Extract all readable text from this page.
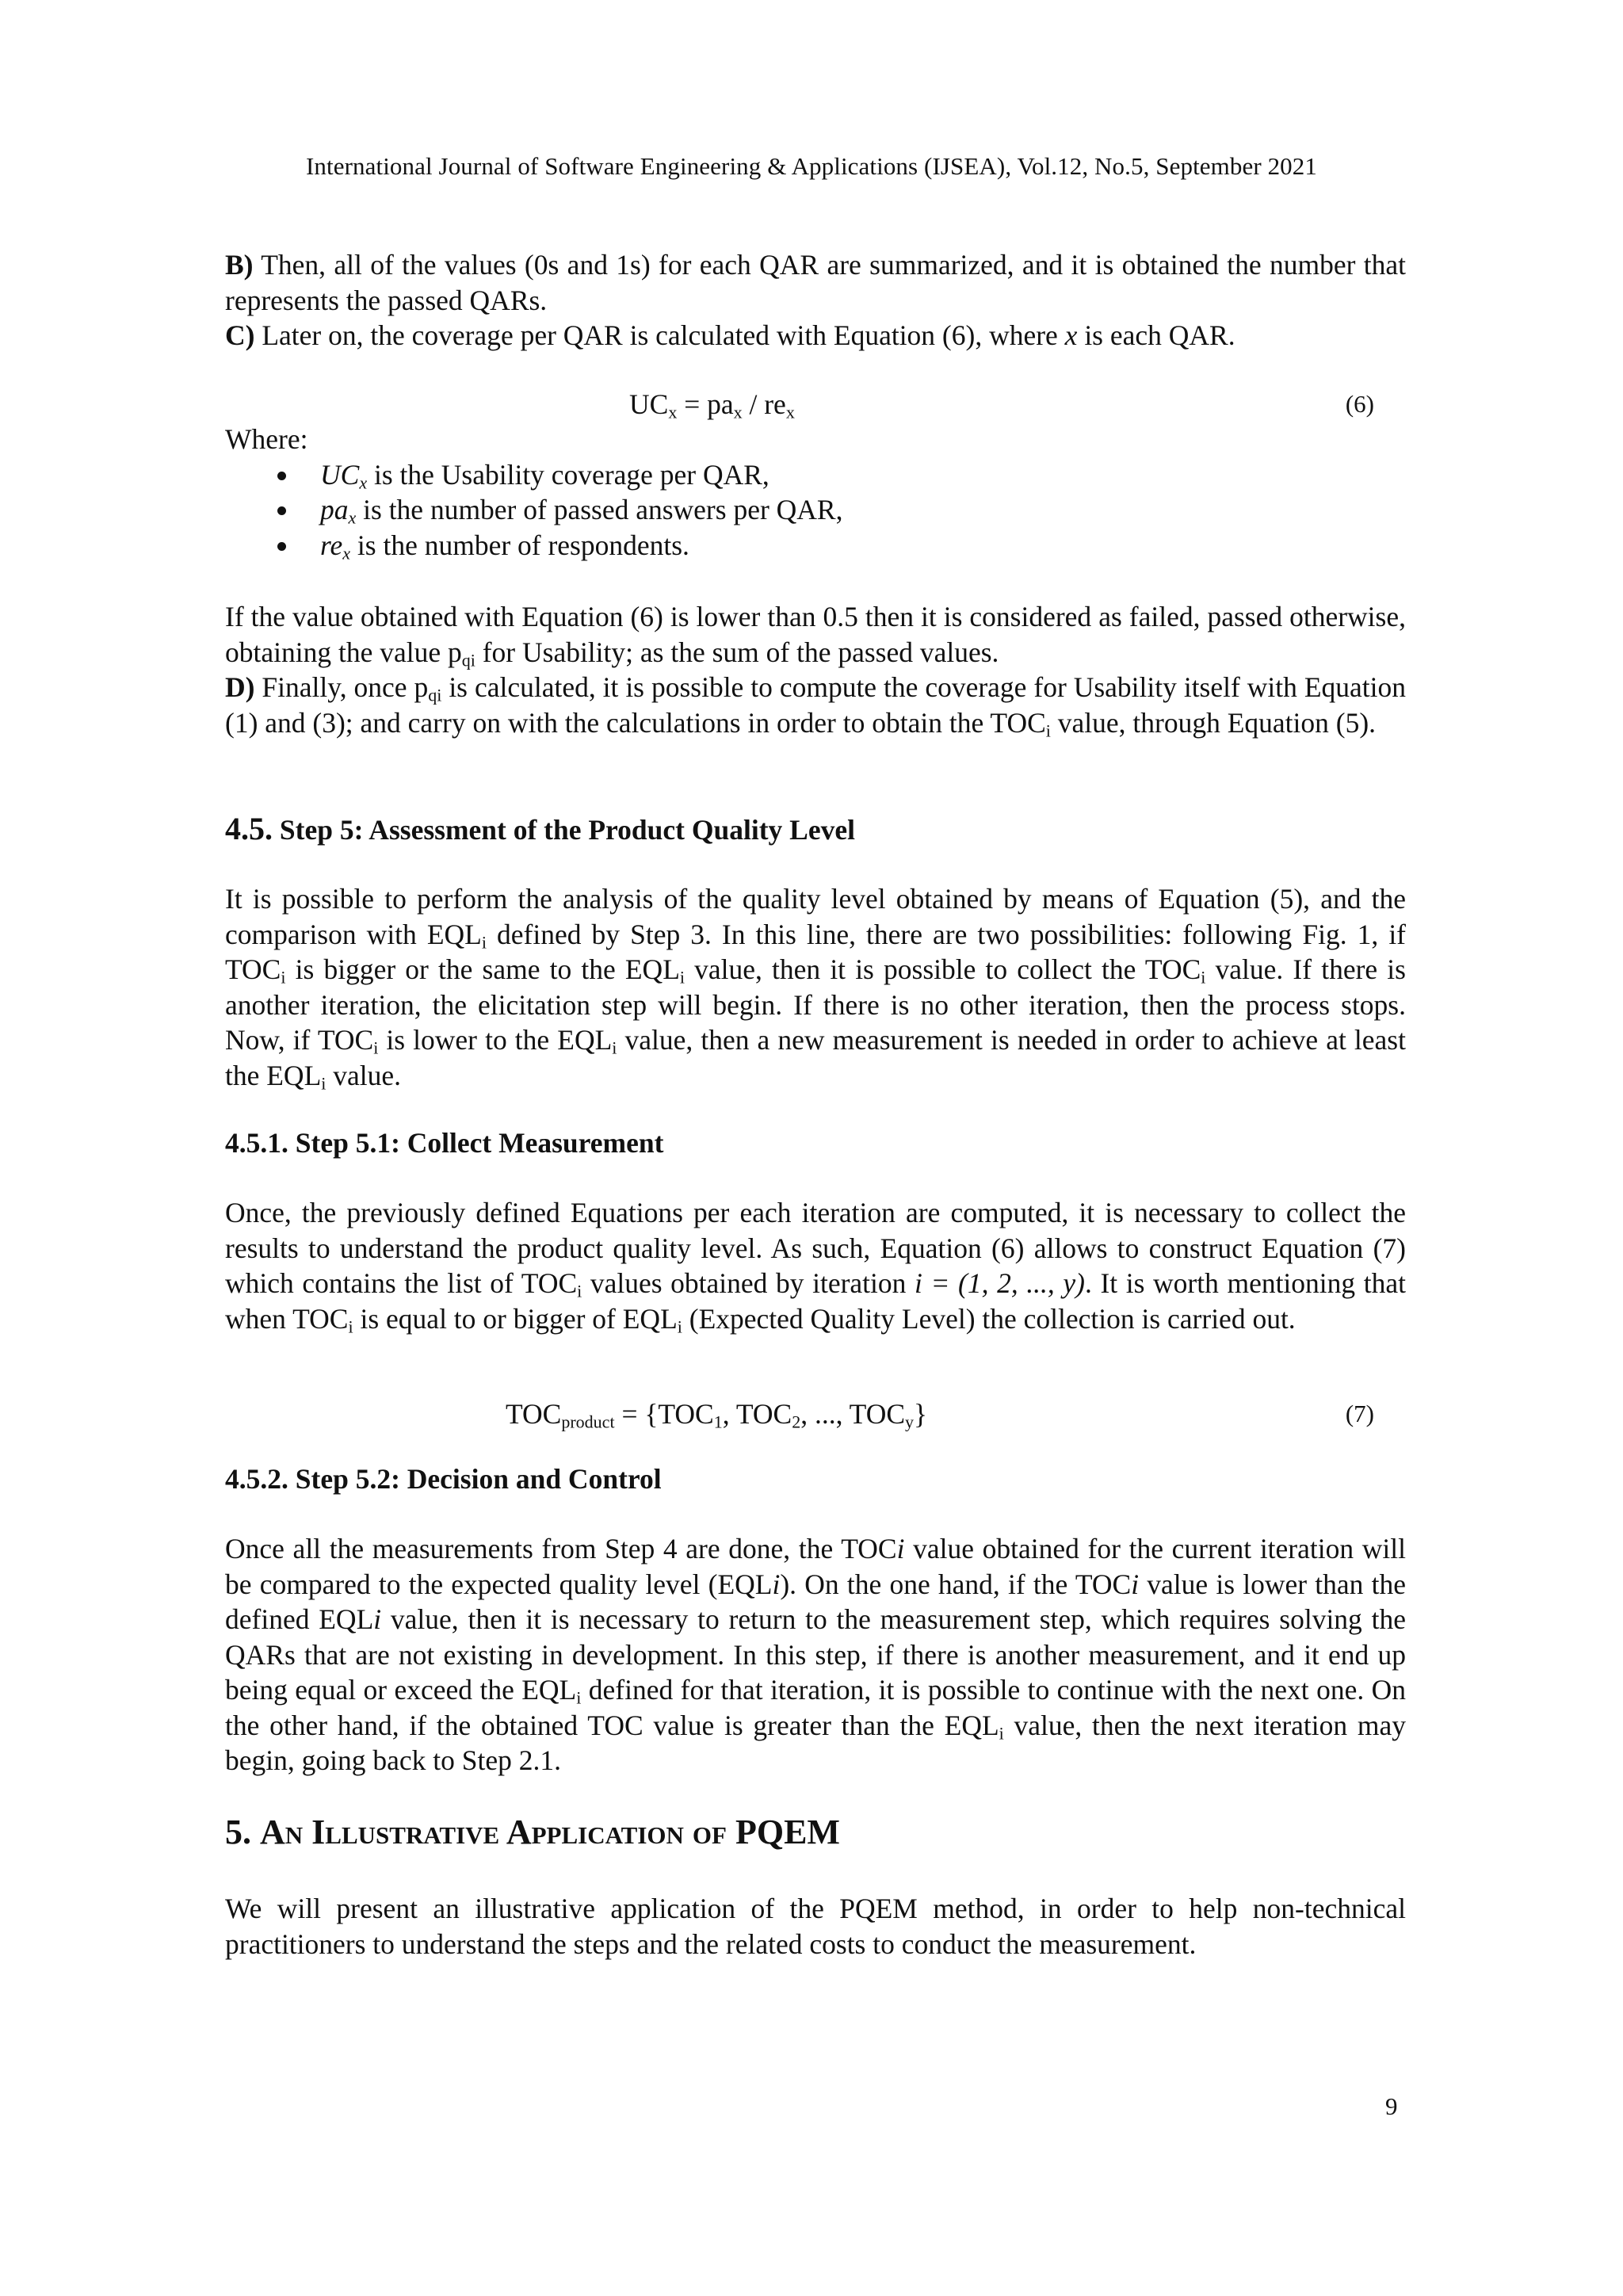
International Journal of Software Engineering & Applications (IJSEA), Vol.12, No.5, September 2021

B) Then, all of the values (0s and 1s) for each QAR are summarized, and it is obtained the number that represents the passed QARs.

C) Later on, the coverage per QAR is calculated with Equation (6), where x is each QAR.

$UC_x = pa_x / re_x$	(6)

Where:

$UC_x$ is the Usability coverage per QAR,
$pa_x$ is the number of passed answers per QAR,
$re_x$ is the number of respondents.

If the value obtained with Equation (6) is lower than 0.5 then it is considered as failed, passed otherwise, obtaining the value $p_{qi}$ for Usability; as the sum of the passed values.

D) Finally, once $p_{qi}$ is calculated, it is possible to compute the coverage for Usability itself with Equation (1) and (3); and carry on with the calculations in order to obtain the $TOC_i$ value, through Equation (5).

4.5. Step 5: Assessment of the Product Quality Level

It is possible to perform the analysis of the quality level obtained by means of Equation (5), and the comparison with $EQL_i$ defined by Step 3. In this line, there are two possibilities: following Fig. 1, if $TOC_i$ is bigger or the same to the $EQL_i$ value, then it is possible to collect the $TOC_i$ value. If there is another iteration, the elicitation step will begin. If there is no other iteration, then the process stops. Now, if $TOC_i$ is lower to the $EQL_i$ value, then a new measurement is needed in order to achieve at least the $EQL_i$ value.

4.5.1. Step 5.1: Collect Measurement

Once, the previously defined Equations per each iteration are computed, it is necessary to collect the results to understand the product quality level. As such, Equation (6) allows to construct Equation (7) which contains the list of $TOC_i$ values obtained by iteration i = (1, 2, ..., y). It is worth mentioning that when $TOC_i$ is equal to or bigger of $EQL_i$ (Expected Quality Level) the collection is carried out.

$TOC_{product} = \{TOC_1$, $TOC_2$, ..., $TOC_y$}	(7)

4.5.2. Step 5.2: Decision and Control

Once all the measurements from Step 4 are done, the TOCi value obtained for the current iteration will be compared to the expected quality level (EQLi). On the one hand, if the TOCi value is lower than the defined EQLi value, then it is necessary to return to the measurement step, which requires solving the QARs that are not existing in development. In this step, if there is another measurement, and it end up being equal or exceed the $EQL_i$ defined for that iteration, it is possible to continue with the next one. On the other hand, if the obtained TOC value is greater than the $EQL_i$ value, then the next iteration may begin, going back to Step 2.1.

5. An Illustrative Application of PQEM

We will present an illustrative application of the PQEM method, in order to help non-technical practitioners to understand the steps and the related costs to conduct the measurement.

9
